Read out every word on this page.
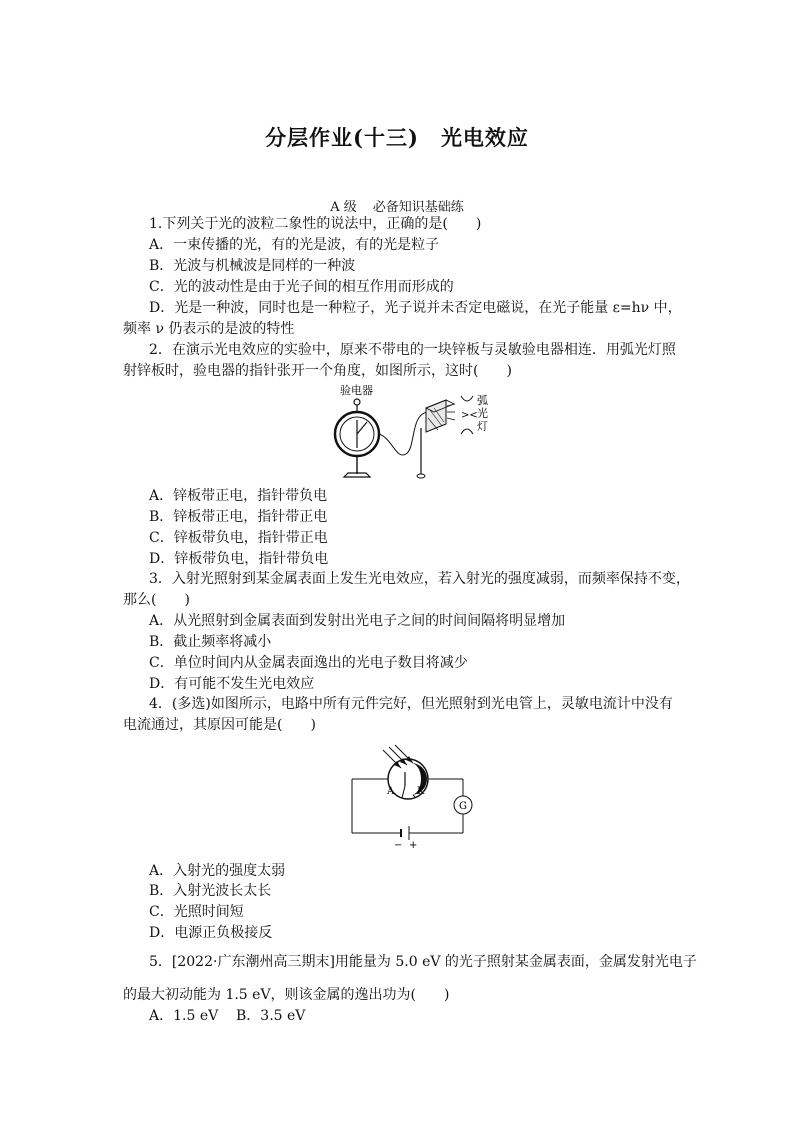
分层作业(十三) 光电效应
A 级 必备知识基础练
1.下列关于光的波粒二象性的说法中，正确的是(　　)
A．一束传播的光，有的光是波，有的光是粒子
B．光波与机械波是同样的一种波
C．光的波动性是由于光子间的相互作用而形成的
D．光是一种波，同时也是一种粒子，光子说并未否定电磁说，在光子能量 ε=hν 中，
频率 ν 仍表示的是波的特性
2．在演示光电效应的实验中，原来不带电的一块锌板与灵敏验电器相连．用弧光灯照
射锌板时，验电器的指针张开一个角度，如图所示，这时(　　)
验电器
><
弧
光
灯
A．锌板带正电，指针带负电
B．锌板带正电，指针带正电
C．锌板带负电，指针带正电
D．锌板带负电，指针带负电
3．入射光照射到某金属表面上发生光电效应，若入射光的强度减弱，而频率保持不变，
那么(　　)
A．从光照射到金属表面到发射出光电子之间的时间间隔将明显增加
B．截止频率将减小
C．单位时间内从金属表面逸出的光电子数目将减少
D．有可能不发生光电效应
4．(多选)如图所示，电路中所有元件完好，但光照射到光电管上，灵敏电流计中没有
电流通过，其原因可能是(　　)
A K
G
− +
A．入射光的强度太弱
B．入射光波长太长
C．光照时间短
D．电源正负极接反
5．[2022·广东潮州高三期末]用能量为 5.0 eV 的光子照射某金属表面，金属发射光电子
的最大初动能为 1.5 eV，则该金属的逸出功为(　　)
A．1.5 eV B．3.5 eV
